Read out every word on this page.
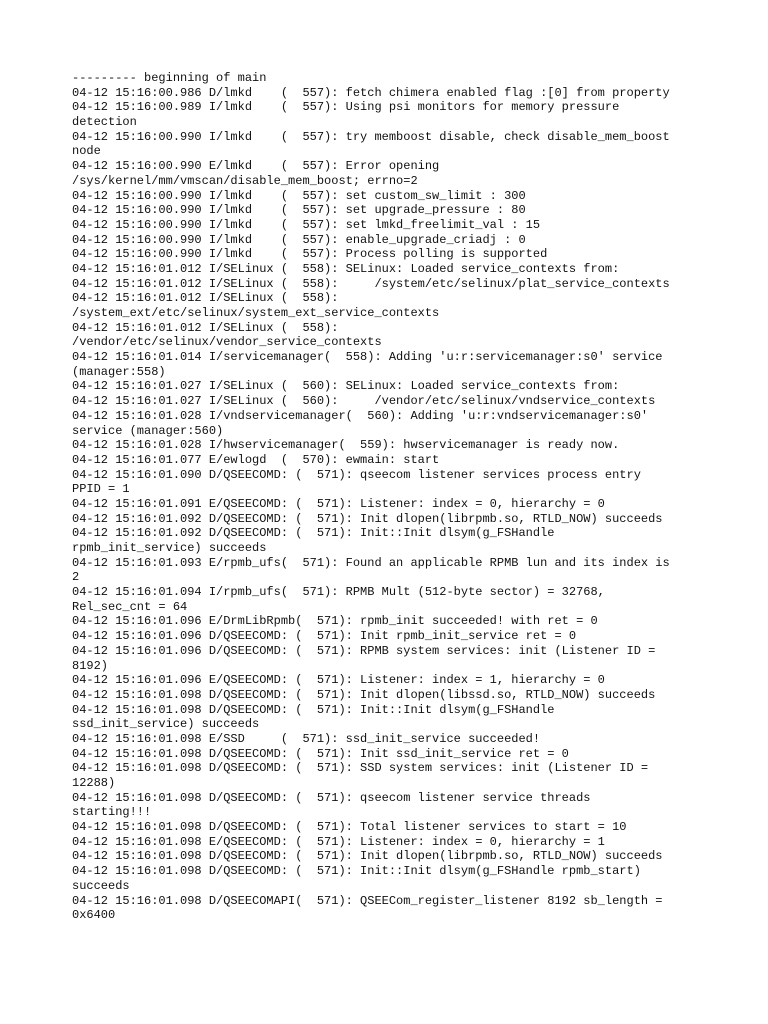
--------- beginning of main
04-12 15:16:00.986 D/lmkd    (  557): fetch chimera enabled flag :[0] from property
04-12 15:16:00.989 I/lmkd    (  557): Using psi monitors for memory pressure
detection
04-12 15:16:00.990 I/lmkd    (  557): try memboost disable, check disable_mem_boost
node
04-12 15:16:00.990 E/lmkd    (  557): Error opening
/sys/kernel/mm/vmscan/disable_mem_boost; errno=2
04-12 15:16:00.990 I/lmkd    (  557): set custom_sw_limit : 300
04-12 15:16:00.990 I/lmkd    (  557): set upgrade_pressure : 80
04-12 15:16:00.990 I/lmkd    (  557): set lmkd_freelimit_val : 15
04-12 15:16:00.990 I/lmkd    (  557): enable_upgrade_criadj : 0
04-12 15:16:00.990 I/lmkd    (  557): Process polling is supported
04-12 15:16:01.012 I/SELinux (  558): SELinux: Loaded service_contexts from:
04-12 15:16:01.012 I/SELinux (  558):     /system/etc/selinux/plat_service_contexts
04-12 15:16:01.012 I/SELinux (  558):
/system_ext/etc/selinux/system_ext_service_contexts
04-12 15:16:01.012 I/SELinux (  558):
/vendor/etc/selinux/vendor_service_contexts
04-12 15:16:01.014 I/servicemanager(  558): Adding 'u:r:servicemanager:s0' service
(manager:558)
04-12 15:16:01.027 I/SELinux (  560): SELinux: Loaded service_contexts from:
04-12 15:16:01.027 I/SELinux (  560):     /vendor/etc/selinux/vndservice_contexts
04-12 15:16:01.028 I/vndservicemanager(  560): Adding 'u:r:vndservicemanager:s0'
service (manager:560)
04-12 15:16:01.028 I/hwservicemanager(  559): hwservicemanager is ready now.
04-12 15:16:01.077 E/ewlogd  (  570): ewmain: start
04-12 15:16:01.090 D/QSEECOMD: (  571): qseecom listener services process entry
PPID = 1
04-12 15:16:01.091 E/QSEECOMD: (  571): Listener: index = 0, hierarchy = 0
04-12 15:16:01.092 D/QSEECOMD: (  571): Init dlopen(librpmb.so, RTLD_NOW) succeeds
04-12 15:16:01.092 D/QSEECOMD: (  571): Init::Init dlsym(g_FSHandle
rpmb_init_service) succeeds
04-12 15:16:01.093 E/rpmb_ufs(  571): Found an applicable RPMB lun and its index is
2
04-12 15:16:01.094 I/rpmb_ufs(  571): RPMB Mult (512-byte sector) = 32768,
Rel_sec_cnt = 64
04-12 15:16:01.096 E/DrmLibRpmb(  571): rpmb_init succeeded! with ret = 0
04-12 15:16:01.096 D/QSEECOMD: (  571): Init rpmb_init_service ret = 0
04-12 15:16:01.096 D/QSEECOMD: (  571): RPMB system services: init (Listener ID =
8192)
04-12 15:16:01.096 E/QSEECOMD: (  571): Listener: index = 1, hierarchy = 0
04-12 15:16:01.098 D/QSEECOMD: (  571): Init dlopen(libssd.so, RTLD_NOW) succeeds
04-12 15:16:01.098 D/QSEECOMD: (  571): Init::Init dlsym(g_FSHandle
ssd_init_service) succeeds
04-12 15:16:01.098 E/SSD     (  571): ssd_init_service succeeded!
04-12 15:16:01.098 D/QSEECOMD: (  571): Init ssd_init_service ret = 0
04-12 15:16:01.098 D/QSEECOMD: (  571): SSD system services: init (Listener ID =
12288)
04-12 15:16:01.098 D/QSEECOMD: (  571): qseecom listener service threads
starting!!!
04-12 15:16:01.098 D/QSEECOMD: (  571): Total listener services to start = 10
04-12 15:16:01.098 E/QSEECOMD: (  571): Listener: index = 0, hierarchy = 1
04-12 15:16:01.098 D/QSEECOMD: (  571): Init dlopen(librpmb.so, RTLD_NOW) succeeds
04-12 15:16:01.098 D/QSEECOMD: (  571): Init::Init dlsym(g_FSHandle rpmb_start)
succeeds
04-12 15:16:01.098 D/QSEECOMAPI(  571): QSEECom_register_listener 8192 sb_length =
0x6400
